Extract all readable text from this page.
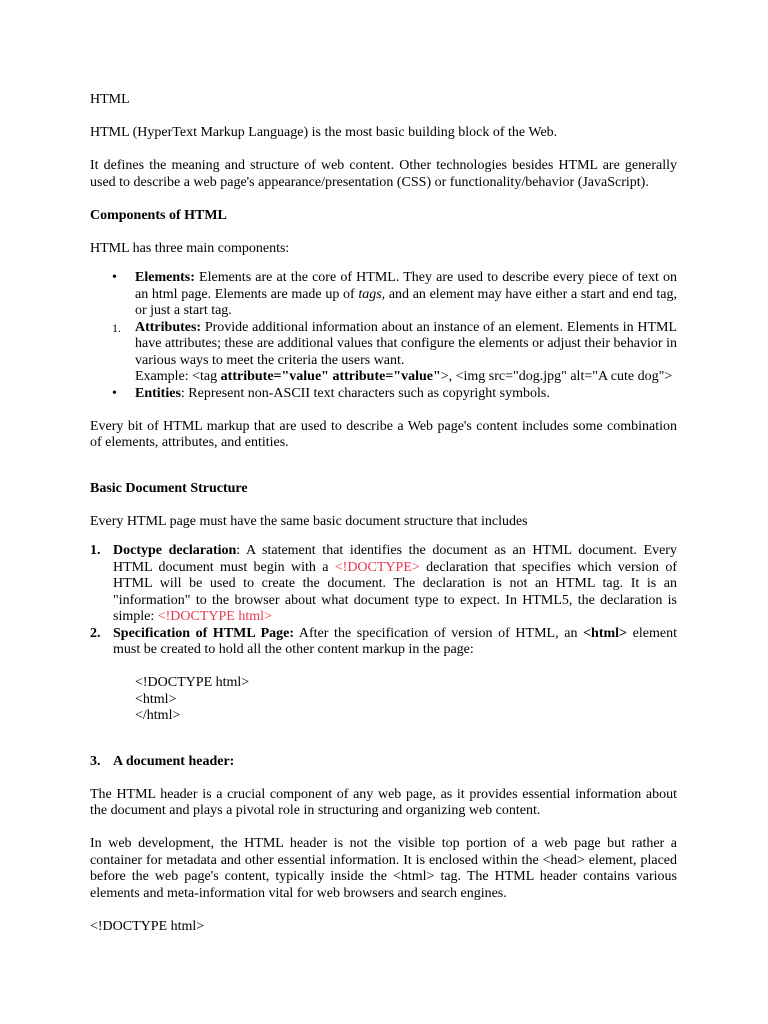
HTML

HTML (HyperText Markup Language) is the most basic building block of the Web.

It defines the meaning and structure of web content. Other technologies besides HTML are generally used to describe a web page's appearance/presentation (CSS) or functionality/behavior (JavaScript).

Components of HTML

HTML has three main components:

• Elements: Elements are at the core of HTML. They are used to describe every piece of text on an html page. Elements are made up of tags, and an element may have either a start and end tag, or just a start tag.
1. Attributes: Provide additional information about an instance of an element. Elements in HTML have attributes; these are additional values that configure the elements or adjust their behavior in various ways to meet the criteria the users want.
Example: <tag attribute="value" attribute="value">, <img src="dog.jpg" alt="A cute dog">
• Entities: Represent non-ASCII text characters such as copyright symbols.

Every bit of HTML markup that are used to describe a Web page's content includes some combination of elements, attributes, and entities.

Basic Document Structure

Every HTML page must have the same basic document structure that includes

1. Doctype declaration: A statement that identifies the document as an HTML document. Every HTML document must begin with a <!DOCTYPE> declaration that specifies which version of HTML will be used to create the document. The declaration is not an HTML tag. It is an "information" to the browser about what document type to expect. In HTML5, the declaration is simple: <!DOCTYPE html>
2. Specification of HTML Page: After the specification of version of HTML, an <html> element must be created to hold all the other content markup in the page:

<!DOCTYPE html>

<html>

</html>

3. A document header:

The HTML header is a crucial component of any web page, as it provides essential information about the document and plays a pivotal role in structuring and organizing web content.

In web development, the HTML header is not the visible top portion of a web page but rather a container for metadata and other essential information. It is enclosed within the <head> element, placed before the web page's content, typically inside the <html> tag. The HTML header contains various elements and meta-information vital for web browsers and search engines.

<!DOCTYPE html>
